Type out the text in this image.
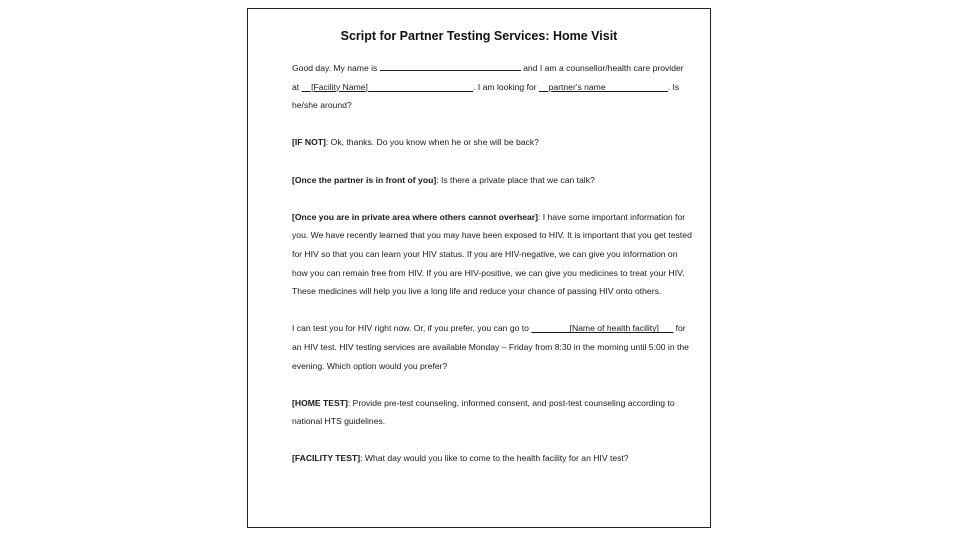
Script for Partner Testing Services: Home Visit

Good day. My name is	and I am a counsellor/health care provider at __[Facility Name]______________________. I am looking for __partner's name_____________. Is he/she around?

[IF NOT]: Ok, thanks. Do you know when he or she will be back?

[Once the partner is in front of you]: Is there a private place that we can talk?

[Once you are in private area where others cannot overhear]: I have some important information for you. We have recently learned that you may have been exposed to HIV. It is important that you get tested for HIV so that you can learn your HIV status. If you are HIV-negative, we can give you information on how you can remain free from HIV. If you are HIV-positive, we can give you medicines to treat your HIV. These medicines will help you live a long life and reduce your chance of passing HIV onto others.

I can test you for HIV right now. Or, if you prefer, you can go to ________[Name of health facility]___ for an HIV test. HIV testing services are available Monday – Friday from 8:30 in the morning until 5:00 in the evening. Which option would you prefer?

[HOME TEST]: Provide pre-test counseling, informed consent, and post-test counseling according to national HTS guidelines.

[FACILITY TEST]: What day would you like to come to the health facility for an HIV test?
